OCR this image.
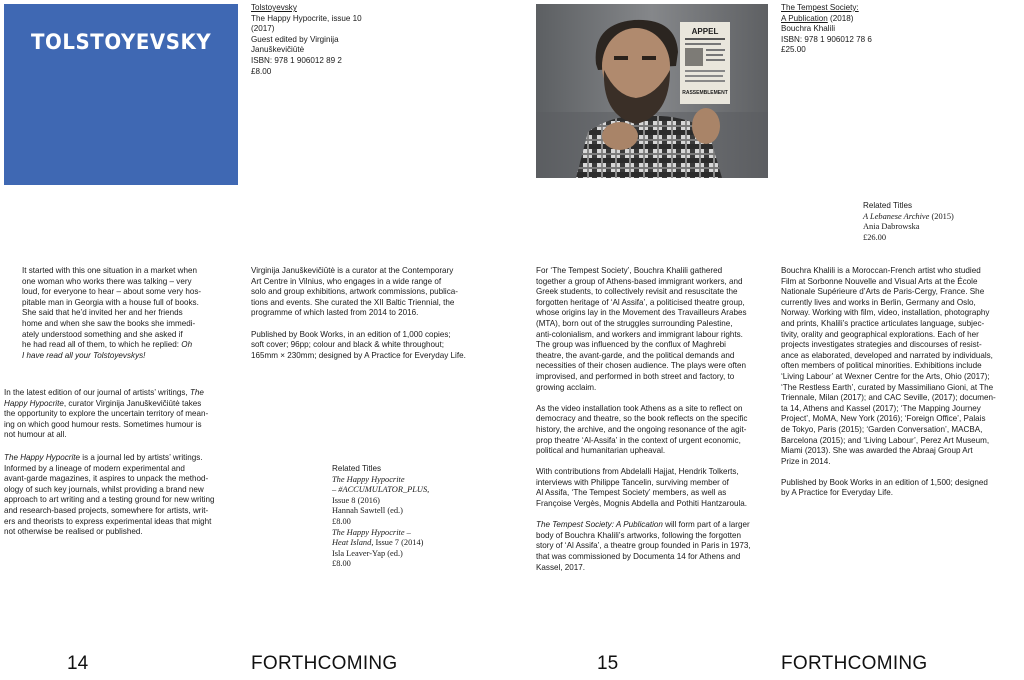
TOLSTOYEVSKY
Tolstoyevsky
The Happy Hypocrite, issue 10
(2017)
Guest edited by Virginija
Januškevičiūtė
ISBN: 978 1 906012 89 2
£8.00
It started with this one situation in a market when
one woman who works there was talking – very
loud, for everyone to hear – about some very hos-
pitable man in Georgia with a house full of books.
She said that he’d invited her and her friends
home and when she saw the books she immedi-
ately understood something and she asked if
he had read all of them, to which he replied: Oh
I have read all your Tolstoyevskys!
In the latest edition of our journal of artists’ writings, The
Happy Hypocrite, curator Virginija Januškevičiūtė takes
the opportunity to explore the uncertain territory of mean-
ing on which good humour rests. Sometimes humour is
not humour at all.
The Happy Hypocrite is a journal led by artists’ writings.
Informed by a lineage of modern experimental and
avant-garde magazines, it aspires to unpack the method-
ology of such key journals, whilst providing a brand new
approach to art writing and a testing ground for new writing
and research-based projects, somewhere for artists, writ-
ers and theorists to express experimental ideas that might
not otherwise be realised or published.
Virginija Januškevičiūtė is a curator at the Contemporary
Art Centre in Vilnius, who engages in a wide range of
solo and group exhibitions, artwork commissions, publica-
tions and events. She curated the XII Baltic Triennial, the
programme of which lasted from 2014 to 2016.
Published by Book Works, in an edition of 1,000 copies;
soft cover; 96pp; colour and black & white throughout;
165mm × 230mm; designed by A Practice for Everyday Life.
Related Titles
The Happy Hypocrite
– #ACCUMULATOR_PLUS,
Issue 8 (2016)
Hannah Sawtell (ed.)
£8.00
The Happy Hypocrite –
Heat Island, Issue 7 (2014)
Isla Leaver-Yap (ed.)
£8.00
14	FORTHCOMING
APPEL
RASSEMBLEMENT
The Tempest Society:
A Publication (2018)
Bouchra Khalili
ISBN: 978 1 906012 78 6
£25.00
Related Titles
A Lebanese Archive (2015)
Ania Dabrowska
£26.00
For ‘The Tempest Society’, Bouchra Khalili gathered
together a group of Athens-based immigrant workers, and
Greek students, to collectively revisit and resuscitate the
forgotten heritage of ‘Al Assifa’, a politicised theatre group,
whose origins lay in the Movement des Travailleurs Arabes
(MTA), born out of the struggles surrounding Palestine,
anti-colonialism, and workers and immigrant labour rights.
The group was influenced by the conflux of Maghrebi
theatre, the avant-garde, and the political demands and
necessities of their chosen audience. The plays were often
improvised, and performed in both street and factory, to
growing acclaim.
As the video installation took Athens as a site to reflect on
democracy and theatre, so the book reflects on the specific
history, the archive, and the ongoing resonance of the agit-
prop theatre ‘Al-Assifa’ in the context of urgent economic,
political and humanitarian upheaval.
With contributions from Abdelalli Hajjat, Hendrik Tolkerts,
interviews with Philippe Tancelin, surviving member of
Al Assifa, ‘The Tempest Society’ members, as well as
Françoise Vergès, Mognis Abdella and Pothiti Hantzaroula.
The Tempest Society: A Publication will form part of a larger
body of Bouchra Khalili’s artworks, following the forgotten
story of ‘Al Assifa’, a theatre group founded in Paris in 1973,
that was commissioned by Documenta 14 for Athens and
Kassel, 2017.
Bouchra Khalili is a Moroccan-French artist who studied
Film at Sorbonne Nouvelle and Visual Arts at the École
Nationale Supérieure d’Arts de Paris-Cergy, France. She
currently lives and works in Berlin, Germany and Oslo,
Norway. Working with film, video, installation, photography
and prints, Khalili’s practice articulates language, subjec-
tivity, orality and geographical explorations. Each of her
projects investigates strategies and discourses of resist-
ance as elaborated, developed and narrated by individuals,
often members of political minorities. Exhibitions include
‘Living Labour’ at Wexner Centre for the Arts, Ohio (2017);
‘The Restless Earth’, curated by Massimiliano Gioni, at The
Triennale, Milan (2017); and CAC Seville, (2017); documen-
ta 14, Athens and Kassel (2017); ‘The Mapping Journey
Project’, MoMA, New York (2016); ‘Foreign Office’, Palais
de Tokyo, Paris (2015); ‘Garden Conversation’, MACBA,
Barcelona (2015); and ‘Living Labour’, Perez Art Museum,
Miami (2013). She was awarded the Abraaj Group Art
Prize in 2014.
Published by Book Works in an edition of 1,500; designed
by A Practice for Everyday Life.
15	FORTHCOMING
